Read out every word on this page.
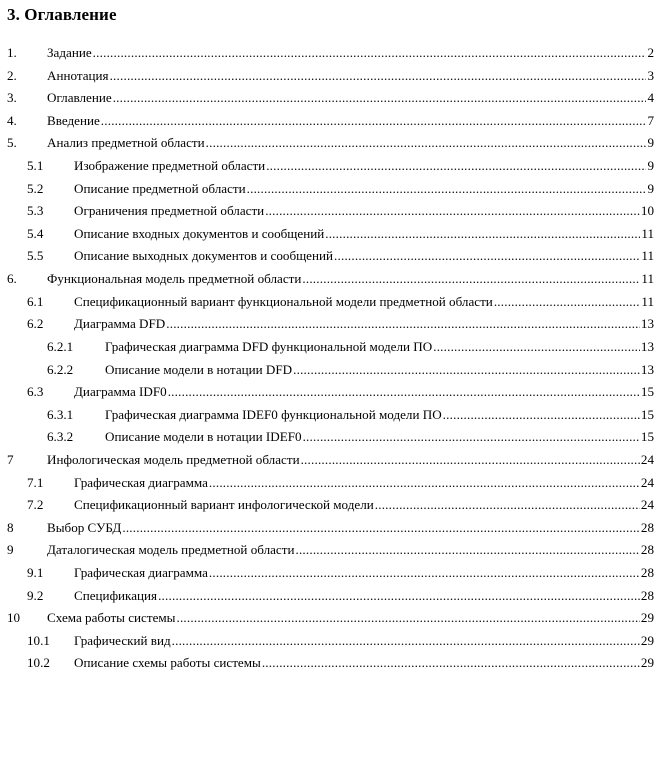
3. Оглавление
1. Задание .....	2
2. Аннотация .....	3
3. Оглавление .....	4
4. Введение .....	7
5. Анализ предметной области .....	9
5.1 Изображение предметной области .....	9
5.2 Описание предметной области .....	9
5.3 Ограничения предметной области .....	10
5.4 Описание входных документов и сообщений .....	11
5.5 Описание выходных документов и сообщений .....	11
6. Функциональная модель предметной области .....	11
6.1 Спецификационный вариант функциональной модели предметной области .....	11
6.2 Диаграмма DFD .....	13
6.2.1 Графическая диаграмма DFD функциональной модели ПО .....	13
6.2.2 Описание модели в нотации DFD .....	13
6.3 Диаграмма IDF0 .....	15
6.3.1 Графическая диаграмма IDEF0 функциональной модели ПО .....	15
6.3.2 Описание модели в нотации IDEF0 .....	15
7	Инфологическая модель предметной области .....	24
7.1 Графическая диаграмма .....	24
7.2 Спецификационный вариант инфологической модели .....	24
8	Выбор СУБД .....	28
9	Даталогическая модель предметной области .....	28
9.1 Графическая диаграмма .....	28
9.2 Спецификация .....	28
10 Схема работы системы .....	29
10.1 Графический вид .....	29
10.2 Описание схемы работы системы .....	29
